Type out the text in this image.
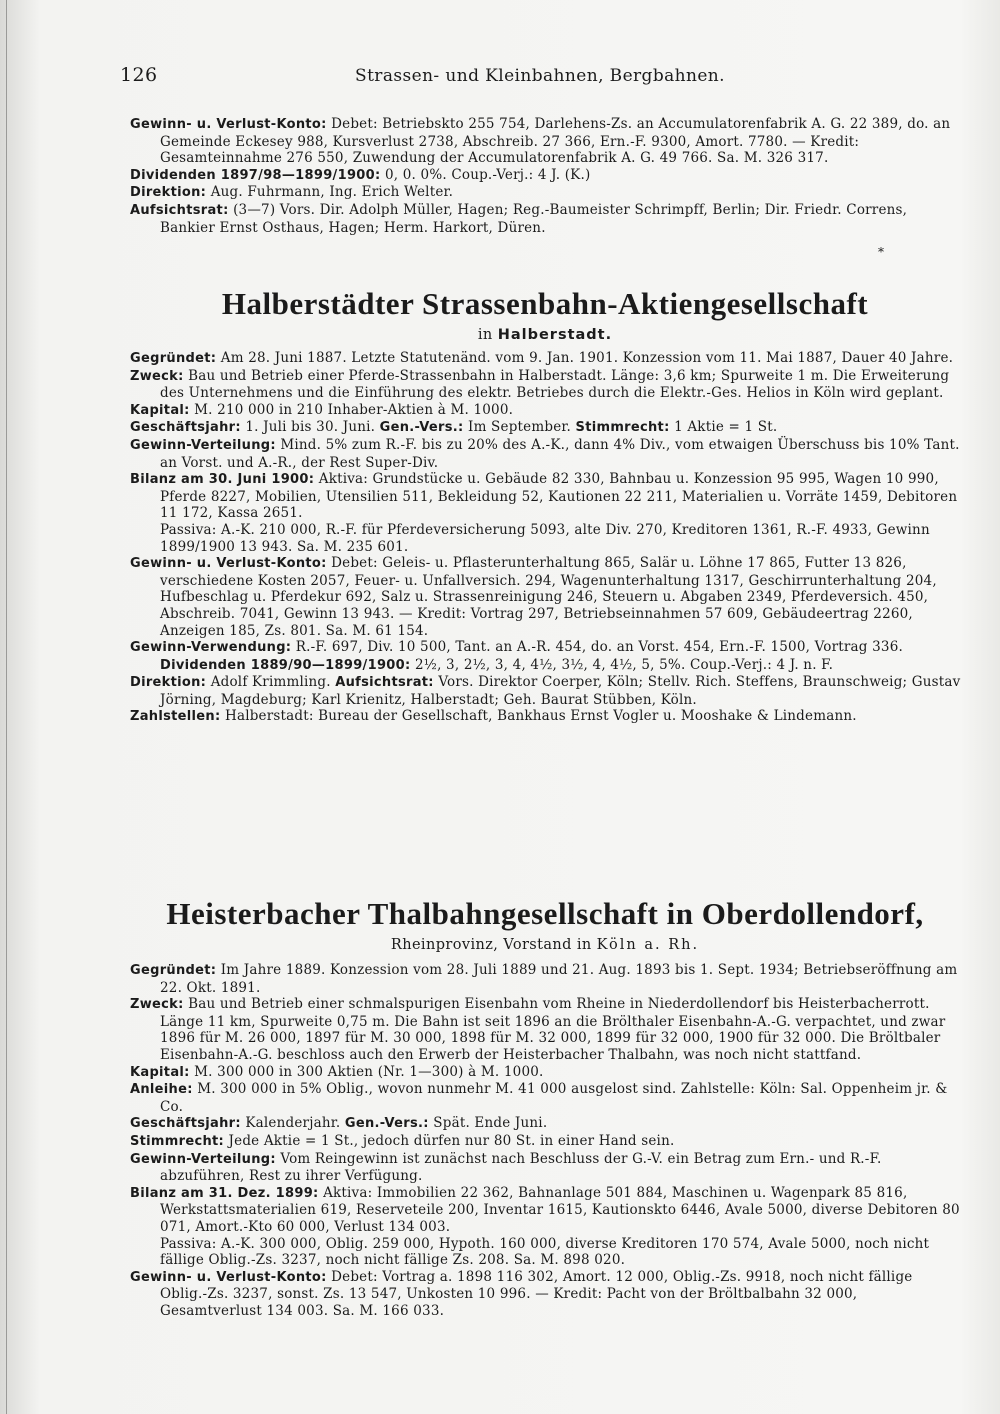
126	Strassen- und Kleinbahnen, Bergbahnen.

Gewinn- u. Verlust-Konto: Debet: Betriebskto 255 754, Darlehens-Zs. an Accumulatorenfabrik A. G. 22 389, do. an Gemeinde Eckesey 988, Kursverlust 2738, Abschreib. 27 366, Ern.-F. 9300, Amort. 7780. — Kredit: Gesamteinnahme 276 550, Zuwendung der Accumulatorenfabrik A. G. 49 766. Sa. M. 326 317.

Dividenden 1897/98—1899/1900: 0, 0. 0%. Coup.-Verj.: 4 J. (K.)

Direktion: Aug. Fuhrmann, Ing. Erich Welter.

Aufsichtsrat: (3—7) Vors. Dir. Adolph Müller, Hagen; Reg.-Baumeister Schrimpff, Berlin; Dir. Friedr. Correns, Bankier Ernst Osthaus, Hagen; Herm. Harkort, Düren.

*
Halberstädter Strassenbahn-Aktiengesellschaft
in Halberstadt.

Gegründet: Am 28. Juni 1887. Letzte Statutenänd. vom 9. Jan. 1901. Konzession vom 11. Mai 1887, Dauer 40 Jahre.

Zweck: Bau und Betrieb einer Pferde-Strassenbahn in Halberstadt. Länge: 3,6 km; Spurweite 1 m. Die Erweiterung des Unternehmens und die Einführung des elektr. Betriebes durch die Elektr.-Ges. Helios in Köln wird geplant.

Kapital: M. 210 000 in 210 Inhaber-Aktien à M. 1000.

Geschäftsjahr: 1. Juli bis 30. Juni. Gen.-Vers.: Im September. Stimmrecht: 1 Aktie = 1 St.

Gewinn-Verteilung: Mind. 5% zum R.-F. bis zu 20% des A.-K., dann 4% Div., vom etwaigen Überschuss bis 10% Tant. an Vorst. und A.-R., der Rest Super-Div.

Bilanz am 30. Juni 1900: Aktiva: Grundstücke u. Gebäude 82 330, Bahnbau u. Konzession 95 995, Wagen 10 990, Pferde 8227, Mobilien, Utensilien 511, Bekleidung 52, Kautionen 22 211, Materialien u. Vorräte 1459, Debitoren 11 172, Kassa 2651.
Passiva: A.-K. 210 000, R.-F. für Pferdeversicherung 5093, alte Div. 270, Kreditoren 1361, R.-F. 4933, Gewinn 1899/1900 13 943. Sa. M. 235 601.

Gewinn- u. Verlust-Konto: Debet: Geleis- u. Pflasterunterhaltung 865, Salär u. Löhne 17 865, Futter 13 826, verschiedene Kosten 2057, Feuer- u. Unfallversich. 294, Wagenunterhaltung 1317, Geschirrunterhaltung 204, Hufbeschlag u. Pferdekur 692, Salz u. Strassenreinigung 246, Steuern u. Abgaben 2349, Pferdeversich. 450, Abschreib. 7041, Gewinn 13 943. — Kredit: Vortrag 297, Betriebseinnahmen 57 609, Gebäudeertrag 2260, Anzeigen 185, Zs. 801. Sa. M. 61 154.

Gewinn-Verwendung: R.-F. 697, Div. 10 500, Tant. an A.-R. 454, do. an Vorst. 454, Ern.-F. 1500, Vortrag 336. Dividenden 1889/90—1899/1900: 2½, 3, 2½, 3, 4, 4½, 3½, 4, 4½, 5, 5%. Coup.-Verj.: 4 J. n. F.

Direktion: Adolf Krimmling. Aufsichtsrat: Vors. Direktor Coerper, Köln; Stellv. Rich. Steffens, Braunschweig; Gustav Jörning, Magdeburg; Karl Krienitz, Halberstadt; Geh. Baurat Stübben, Köln.

Zahlstellen: Halberstadt: Bureau der Gesellschaft, Bankhaus Ernst Vogler u. Mooshake & Lindemann.

Heisterbacher Thalbahngesellschaft in Oberdollendorf,
Rheinprovinz, Vorstand in Köln a. Rh.

Gegründet: Im Jahre 1889. Konzession vom 28. Juli 1889 und 21. Aug. 1893 bis 1. Sept. 1934; Betriebseröffnung am 22. Okt. 1891.

Zweck: Bau und Betrieb einer schmalspurigen Eisenbahn vom Rheine in Niederdollendorf bis Heisterbacherrott. Länge 11 km, Spurweite 0,75 m. Die Bahn ist seit 1896 an die Brölthaler Eisenbahn-A.-G. verpachtet, und zwar 1896 für M. 26 000, 1897 für M. 30 000, 1898 für M. 32 000, 1899 für 32 000, 1900 für 32 000. Die Bröltbaler Eisenbahn-A.-G. beschloss auch den Erwerb der Heisterbacher Thalbahn, was noch nicht stattfand.

Kapital: M. 300 000 in 300 Aktien (Nr. 1—300) à M. 1000.

Anleihe: M. 300 000 in 5% Oblig., wovon nunmehr M. 41 000 ausgelost sind. Zahlstelle: Köln: Sal. Oppenheim jr. & Co.

Geschäftsjahr: Kalenderjahr. Gen.-Vers.: Spät. Ende Juni.

Stimmrecht: Jede Aktie = 1 St., jedoch dürfen nur 80 St. in einer Hand sein.

Gewinn-Verteilung: Vom Reingewinn ist zunächst nach Beschluss der G.-V. ein Betrag zum Ern.- und R.-F. abzuführen, Rest zu ihrer Verfügung.

Bilanz am 31. Dez. 1899: Aktiva: Immobilien 22 362, Bahnanlage 501 884, Maschinen u. Wagenpark 85 816, Werkstattsmaterialien 619, Reserveteile 200, Inventar 1615, Kautionskto 6446, Avale 5000, diverse Debitoren 80 071, Amort.-Kto 60 000, Verlust 134 003.
Passiva: A.-K. 300 000, Oblig. 259 000, Hypoth. 160 000, diverse Kreditoren 170 574, Avale 5000, noch nicht fällige Oblig.-Zs. 3237, noch nicht fällige Zs. 208. Sa. M. 898 020.

Gewinn- u. Verlust-Konto: Debet: Vortrag a. 1898 116 302, Amort. 12 000, Oblig.-Zs. 9918, noch nicht fällige Oblig.-Zs. 3237, sonst. Zs. 13 547, Unkosten 10 996. — Kredit: Pacht von der Bröltbalbahn 32 000, Gesamtverlust 134 003. Sa. M. 166 033.
